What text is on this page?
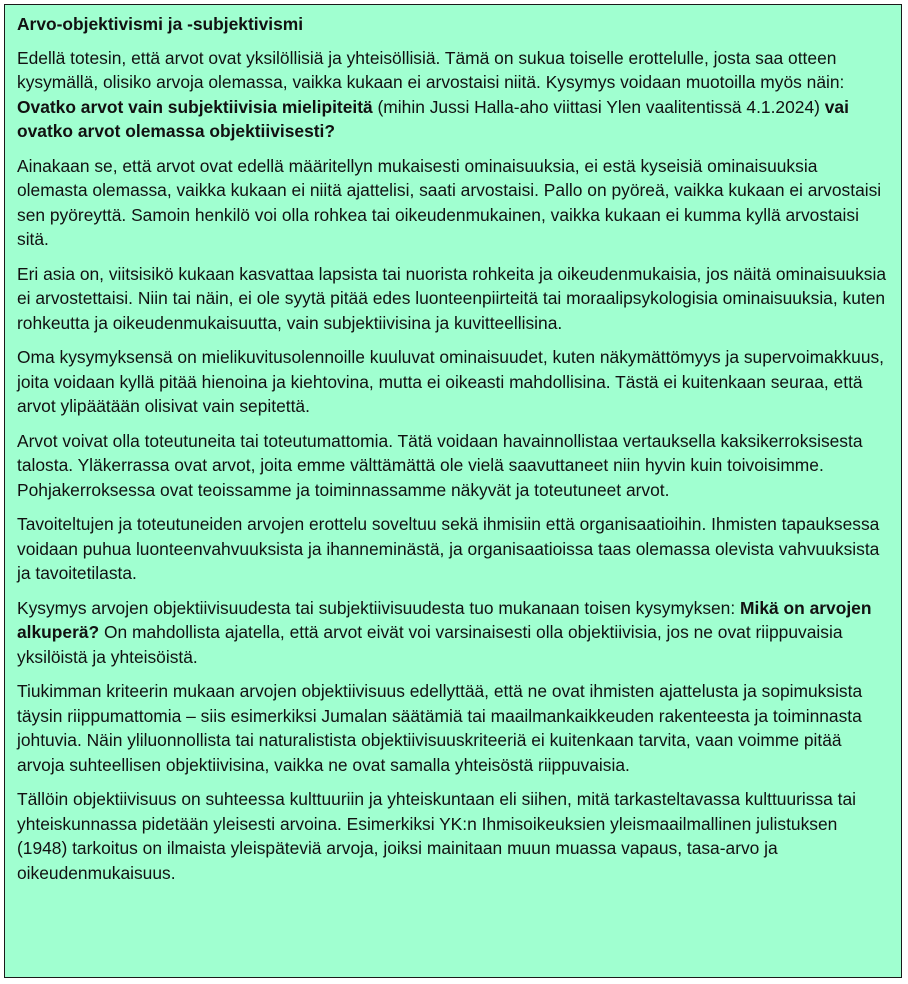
Arvo-objektivismi ja -subjektivismi

Edellä totesin, että arvot ovat yksilöllisiä ja yhteisöllisiä. Tämä on sukua toiselle erottelulle, josta saa otteen kysymällä, olisiko arvoja olemassa, vaikka kukaan ei arvostaisi niitä. Kysymys voidaan muotoilla myös näin: Ovatko arvot vain subjektiivisia mielipiteitä (mihin Jussi Halla-aho viittasi Ylen vaalitentissä 4.1.2024) vai ovatko arvot olemassa objektiivisesti?

Ainakaan se, että arvot ovat edellä määritellyn mukaisesti ominaisuuksia, ei estä kyseisiä ominaisuuksia olemasta olemassa, vaikka kukaan ei niitä ajattelisi, saati arvostaisi. Pallo on pyöreä, vaikka kukaan ei arvostaisi sen pyöreyttä. Samoin henkilö voi olla rohkea tai oikeudenmukainen, vaikka kukaan ei kumma kyllä arvostaisi sitä.

Eri asia on, viitsisikö kukaan kasvattaa lapsista tai nuorista rohkeita ja oikeudenmukaisia, jos näitä ominaisuuksia ei arvostettaisi. Niin tai näin, ei ole syytä pitää edes luonteenpiirteitä tai moraalipsykologisia ominaisuuksia, kuten rohkeutta ja oikeudenmukaisuutta, vain subjektiivisina ja kuvitteellisina.

Oma kysymyksensä on mielikuvitusolennoille kuuluvat ominaisuudet, kuten näkymättömyys ja supervoimakkuus, joita voidaan kyllä pitää hienoina ja kiehtovina, mutta ei oikeasti mahdollisina. Tästä ei kuitenkaan seuraa, että arvot ylipäätään olisivat vain sepitettä.

Arvot voivat olla toteutuneita tai toteutumattomia. Tätä voidaan havainnollistaa vertauksella kaksikerroksisesta talosta. Yläkerrassa ovat arvot, joita emme välttämättä ole vielä saavuttaneet niin hyvin kuin toivoisimme. Pohjakerroksessa ovat teoissamme ja toiminnassamme näkyvät ja toteutuneet arvot.

Tavoiteltujen ja toteutuneiden arvojen erottelu soveltuu sekä ihmisiin että organisaatioihin. Ihmisten tapauksessa voidaan puhua luonteenvahvuuksista ja ihanneminästä, ja organisaatioissa taas olemassa olevista vahvuuksista ja tavoitetilasta.

Kysymys arvojen objektiivisuudesta tai subjektiivisuudesta tuo mukanaan toisen kysymyksen: Mikä on arvojen alkuperä? On mahdollista ajatella, että arvot eivät voi varsinaisesti olla objektiivisia, jos ne ovat riippuvaisia yksilöistä ja yhteisöistä.

Tiukimman kriteerin mukaan arvojen objektiivisuus edellyttää, että ne ovat ihmisten ajattelusta ja sopimuksista täysin riippumattomia – siis esimerkiksi Jumalan säätämiä tai maailmankaikkeuden rakenteesta ja toiminnasta johtuvia. Näin yliluonnollista tai naturalistista objektiivisuuskriteeriä ei kuitenkaan tarvita, vaan voimme pitää arvoja suhteellisen objektiivisina, vaikka ne ovat samalla yhteisöstä riippuvaisia.

Tällöin objektiivisuus on suhteessa kulttuuriin ja yhteiskuntaan eli siihen, mitä tarkasteltavassa kulttuurissa tai yhteiskunnassa pidetään yleisesti arvoina. Esimerkiksi YK:n Ihmisoikeuksien yleismaailmallinen julistuksen (1948) tarkoitus on ilmaista yleispäteviä arvoja, joiksi mainitaan muun muassa vapaus, tasa-arvo ja oikeudenmukaisuus.
